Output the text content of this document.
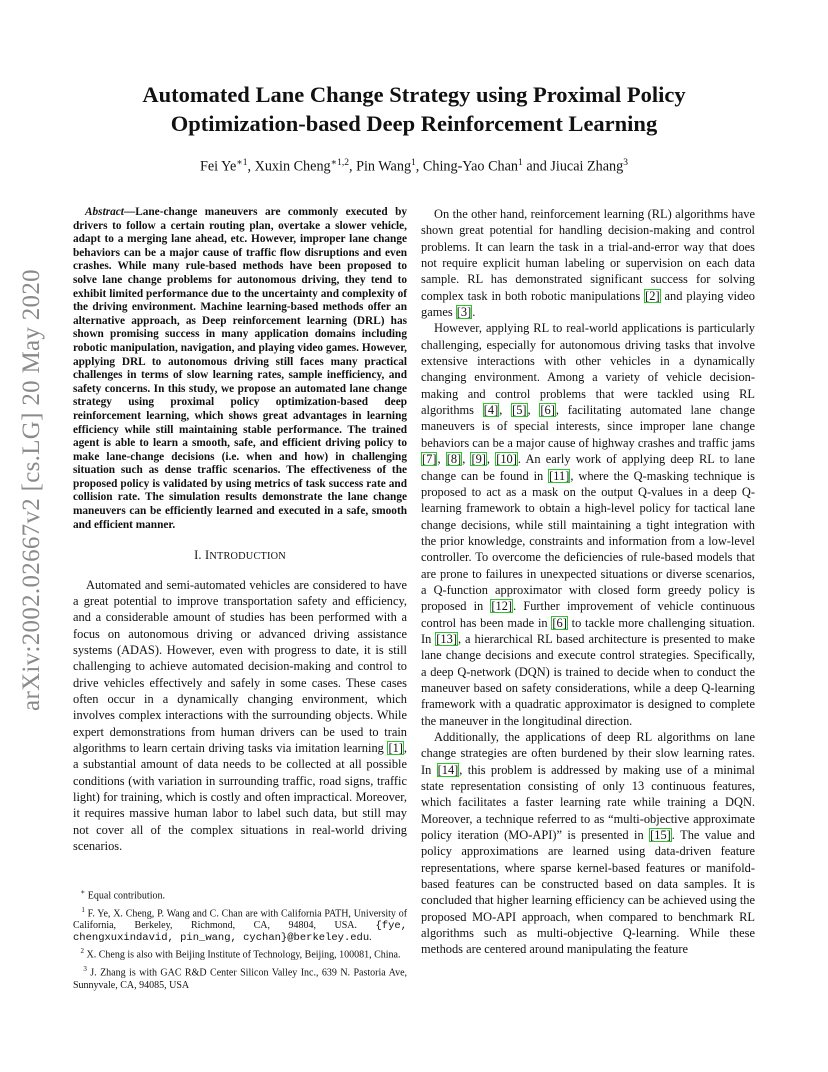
arXiv:2002.02667v2 [cs.LG] 20 May 2020
Automated Lane Change Strategy using Proximal Policy
Optimization-based Deep Reinforcement Learning
Fei $Ye^{∗1}$, Xuxin Cheng$^{∗1,2}$, Pin Wang$^1$, Ching-Yao Chan$^1$ and Jiucai Zhang$^3$
Abstract—Lane-change maneuvers are commonly executed by drivers to follow a certain routing plan, overtake a slower vehicle, adapt to a merging lane ahead, etc. However, improper lane change behaviors can be a major cause of traffic flow disruptions and even crashes. While many rule-based methods have been proposed to solve lane change problems for autonomous driving, they tend to exhibit limited performance due to the uncertainty and complexity of the driving environment. Machine learning-based methods offer an alternative approach, as Deep reinforcement learning (DRL) has shown promising success in many application domains including robotic manipulation, navigation, and playing video games. However, applying DRL to autonomous driving still faces many practical challenges in terms of slow learning rates, sample inefficiency, and safety concerns. In this study, we propose an automated lane change strategy using proximal policy optimization-based deep reinforcement learning, which shows great advantages in learning efficiency while still maintaining stable performance. The trained agent is able to learn a smooth, safe, and efficient driving policy to make lane-change decisions (i.e. when and how) in challenging situation such as dense traffic scenarios. The effectiveness of the proposed policy is validated by using metrics of task success rate and collision rate. The simulation results demonstrate the lane change maneuvers can be efficiently learned and executed in a safe, smooth and efficient manner.
I. INTRODUCTION

Automated and semi-automated vehicles are considered to have a great potential to improve transportation safety and efficiency, and a considerable amount of studies has been performed with a focus on autonomous driving or advanced driving assistance systems (ADAS). However, even with progress to date, it is still challenging to achieve automated decision-making and control to drive vehicles effectively and safely in some cases. These cases often occur in a dynamically changing environment, which involves complex interactions with the surrounding objects. While expert demonstrations from human drivers can be used to train algorithms to learn certain driving tasks via imitation learning [1], a substantial amount of data needs to be collected at all possible conditions (with variation in surrounding traffic, road signs, traffic light) for training, which is costly and often impractical. Moreover, it requires massive human labor to label such data, but still may not cover all of the complex situations in real-world driving scenarios.

∗ Equal contribution.
$^1$ F. Ye, X. Cheng, P. Wang and C. Chan are with California PATH, University of California, Berkeley, Richmond, CA, 94804, USA. {fye, chengxuxindavid, pin_wang, cychan}@berkeley.edu.
$^2$ X. Cheng is also with Beijing Institute of Technology, Beijing, 100081, China.
$^3$ J. Zhang is with GAC R&D Center Silicon Valley Inc., 639 N. Pastoria Ave, Sunnyvale, CA, 94085, USA

On the other hand, reinforcement learning (RL) algorithms have shown great potential for handling decision-making and control problems. It can learn the task in a trial-and-error way that does not require explicit human labeling or supervision on each data sample. RL has demonstrated significant success for solving complex task in both robotic manipulations [2] and playing video games [3].

However, applying RL to real-world applications is particularly challenging, especially for autonomous driving tasks that involve extensive interactions with other vehicles in a dynamically changing environment. Among a variety of vehicle decision-making and control problems that were tackled using RL algorithms [4], [5], [6], facilitating automated lane change maneuvers is of special interests, since improper lane change behaviors can be a major cause of highway crashes and traffic jams [7], [8], [9], [10]. An early work of applying deep RL to lane change can be found in [11], where the Q-masking technique is proposed to act as a mask on the output Q-values in a deep Q-learning framework to obtain a high-level policy for tactical lane change decisions, while still maintaining a tight integration with the prior knowledge, constraints and information from a low-level controller. To overcome the deficiencies of rule-based models that are prone to failures in unexpected situations or diverse scenarios, a Q-function approximator with closed form greedy policy is proposed in [12]. Further improvement of vehicle continuous control has been made in [6] to tackle more challenging situation. In [13], a hierarchical RL based architecture is presented to make lane change decisions and execute control strategies. Specifically, a deep Q-network (DQN) is trained to decide when to conduct the maneuver based on safety considerations, while a deep Q-learning framework with a quadratic approximator is designed to complete the maneuver in the longitudinal direction.

Additionally, the applications of deep RL algorithms on lane change strategies are often burdened by their slow learning rates. In [14], this problem is addressed by making use of a minimal state representation consisting of only 13 continuous features, which facilitates a faster learning rate while training a DQN. Moreover, a technique referred to as “multi-objective approximate policy iteration (MO-API)” is presented in [15]. The value and policy approximations are learned using data-driven feature representations, where sparse kernel-based features or manifold-based features can be constructed based on data samples. It is concluded that higher learning efficiency can be achieved using the proposed MO-API approach, when compared to benchmark RL algorithms such as multi-objective Q-learning. While these methods are centered around manipulating the feature
